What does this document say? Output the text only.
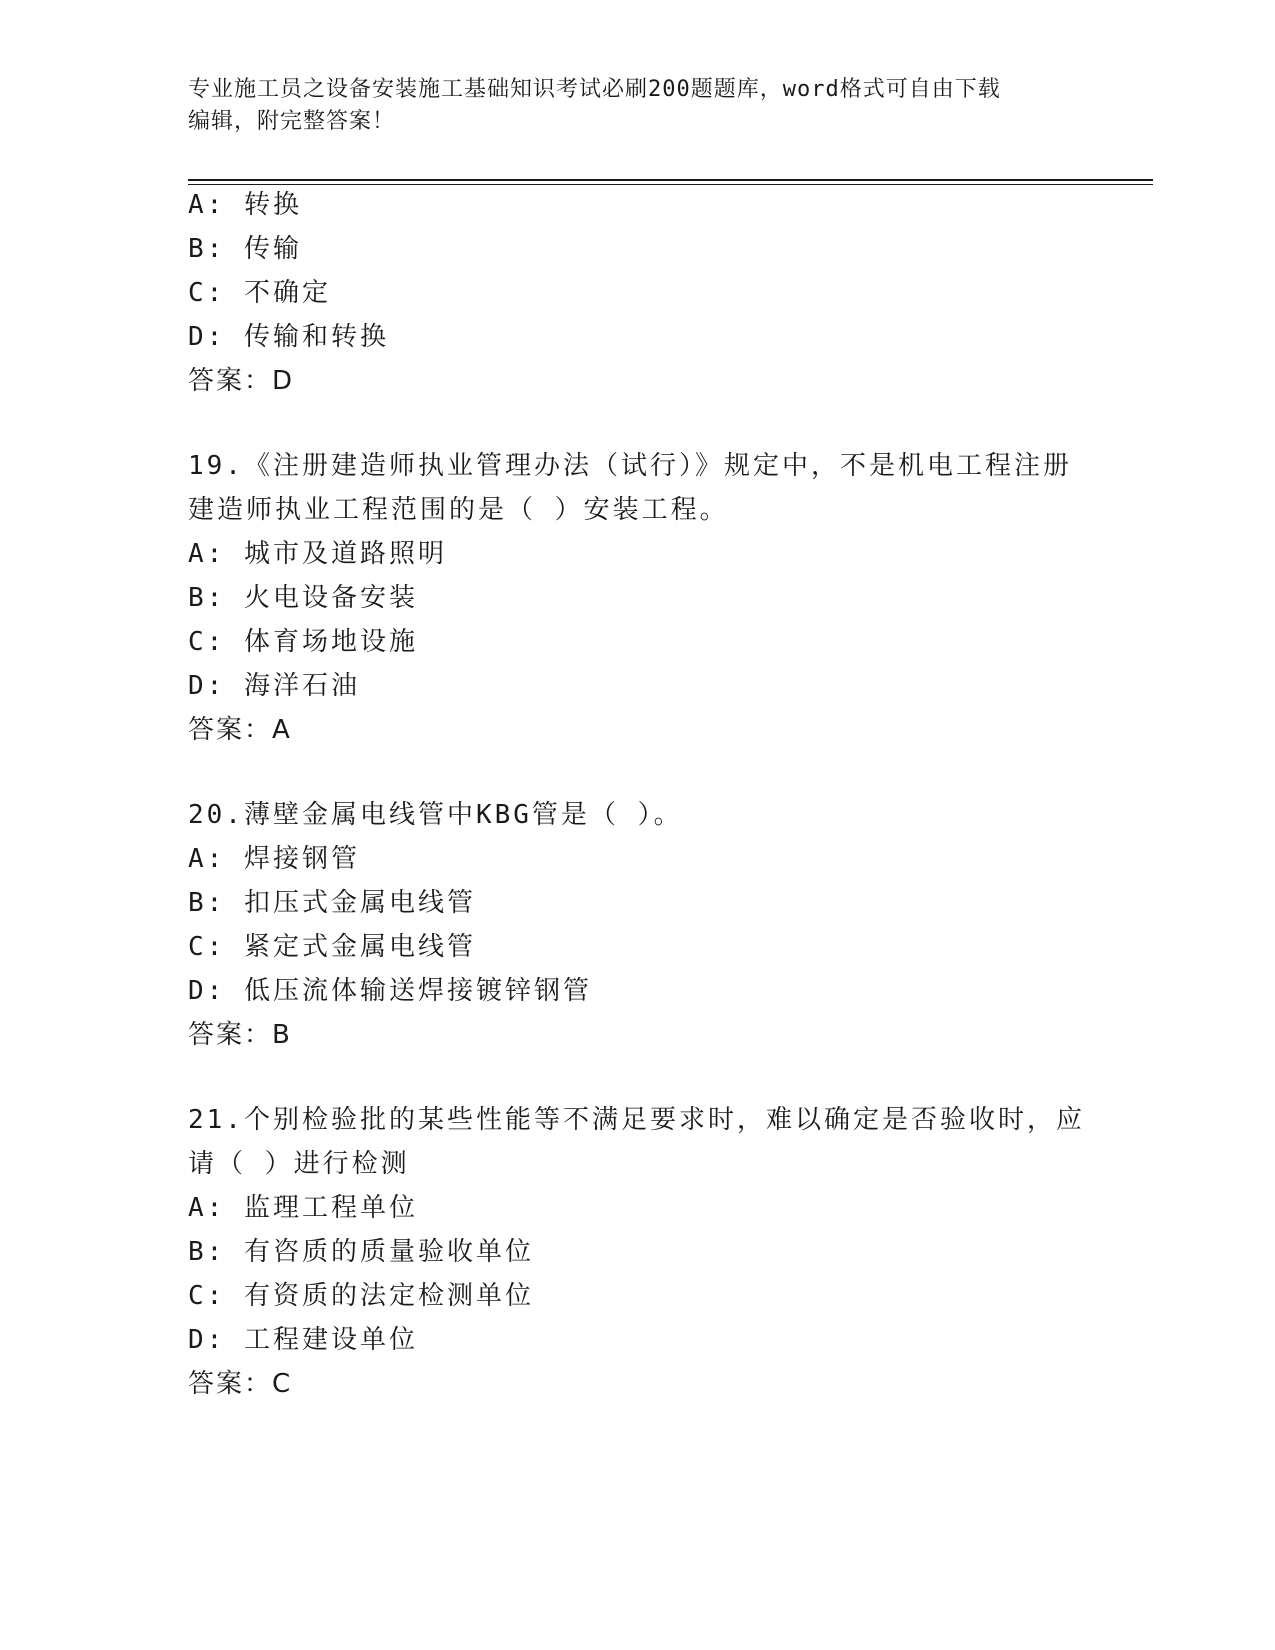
专业施工员之设备安装施工基础知识考试必刷200题题库，word格式可自由下载
编辑，附完整答案！
A: 转换
B: 传输
C: 不确定
D: 传输和转换
答案：D
19.《注册建造师执业管理办法（试行）》规定中，不是机电工程注册
建造师执业工程范围的是（ ）安装工程。
A: 城市及道路照明
B: 火电设备安装
C: 体育场地设施
D: 海洋石油
答案：A
20.薄壁金属电线管中KBG管是（ ）。
A: 焊接钢管
B: 扣压式金属电线管
C: 紧定式金属电线管
D: 低压流体输送焊接镀锌钢管
答案：B
21.个别检验批的某些性能等不满足要求时，难以确定是否验收时，应
请（ ）进行检测
A: 监理工程单位
B: 有咨质的质量验收单位
C: 有资质的法定检测单位
D: 工程建设单位
答案：C
